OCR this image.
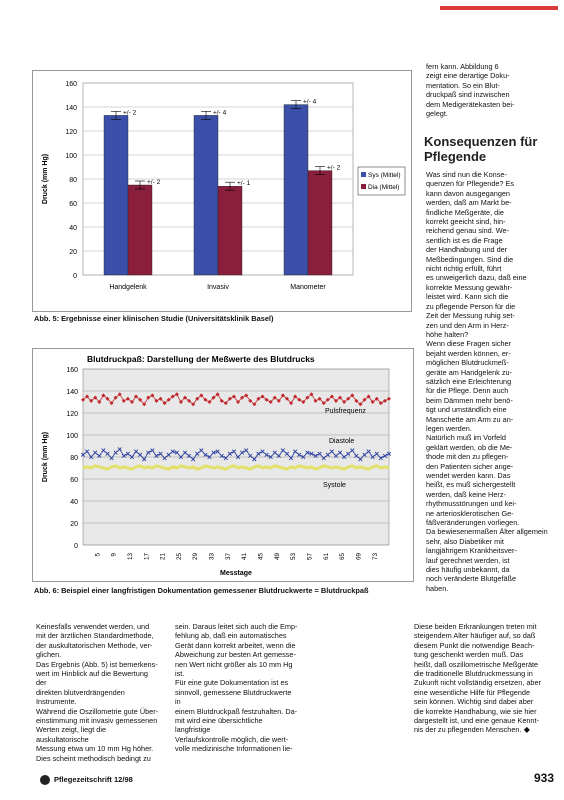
fern kann. Abbildung 6

zeigt eine derartige Doku-

mentation. So ein Blut-

druckpaß sind inzwischen

dem Medigerätekasten bei-

gelegt.

Konsequenzen für Pflegende

Was sind nun die Konse-

quenzen für Pflegende? Es

kann davon ausgegangen

werden, daß am Markt be-

findliche Meßgeräte, die

korrekt geeicht sind, hin-

reichend genau sind. We-

sentlich ist es die Frage

der Handhabung und der

Meßbedingungen. Sind die

nicht richtig erfüllt, führt

es unweigerlich dazu, daß eine

korrekte Messung gewähr-

leistet wird. Kann sich die

zu pflegende Person für die

Zeit der Messung ruhig set-

zen und den Arm in Herz-

höhe halten?

Wenn diese Fragen sicher

bejaht werden können, er-

möglichen Blutdruckmeß-

geräte am Handgelenk zu-

sätzlich eine Erleichterung

für die Pflege. Denn auch

beim Dämmen mehr benö-

tigt und umständlich eine

Manschette am Arm zu an-

legen werden.

Natürlich muß im Vorfeld

geklärt werden, ob die Me-

thode mit den zu pflegen-

den Patienten sicher ange-

wendet werden kann. Das

heißt, es muß sichergestellt

werden, daß keine Herz-

rhythmusstörungen und kei-

ne arteriosklerotischen Ge-

fäßveränderungen vorliegen.

Da bewiesenermaßen Älter allgemein

sehr, also Diabetiker mit

langjährigem Krankheitsver-

lauf gerechnet werden, ist

dies häufig unbekannt, da

noch veränderte Blutgefäße

haben.

0
20
40
60
80
100
120
140
160
Druck (mm Hg)
+/- 2
+/- 2
Handgelenk
+/- 4
+/- 1
Invasiv
+/- 4
+/- 2
Manometer
Sys (Mittel)
Dia (Mittel)
Abb. 5: Ergebnisse einer klinischen Studie (Universitätsklinik Basel)
Blutdruckpaß: Darstellung der Meßwerte des Blutdrucks
0
20
40
60
80
100
120
140
160
5 9 13 17 21 25 29 33 37 41 45 49 53 57 61 65 69 73
Druck (mm Hg)
Messtage
Pulsfrequenz
Diastole
Systole
Abb. 6: Beispiel einer langfristigen Dokumentation gemessener Blutdruckwerte = Blutdruckpaß

Keinesfalls verwendet werden, und

mit der ärztlichen Standardmethode,

der auskultatorischen Methode, ver-

glichen.

Das Ergebnis (Abb. 5) ist bemerkens-

wert im Hinblick auf die Bewertung der

direkten blutverdrängenden Instrumente.

Während die Oszillometrie gute Über-

einstimmung mit invasiv gemessenen

Werten zeigt, liegt die auskultatorische

Messung etwa um 10 mm Hg höher.

Dies scheint methodisch bedingt zu

sein. Daraus leitet sich auch die Emp-

fehlung ab, daß ein automatisches

Gerät dann korrekt arbeitet, wenn die

Abweichung zur besten Art gemesse-

nen Wert nicht größer als 10 mm Hg

ist.

Für eine gute Dokumentation ist es

sinnvoll, gemessene Blutdruckwerte in

einem Blutdruckpaß festzuhalten. Da-

mit wird eine übersichtliche langfristige

Verlaufskontrolle möglich, die wert-

volle medizinische Informationen lie-

Diese beiden Erkrankungen treten mit

steigendem Alter häufiger auf, so daß

diesem Punkt die notwendige Beach-

tung geschenkt werden muß. Das

heißt, daß oszillometrische Meßgeräte

die traditionelle Blutdruckmessung in

Zukunft nicht vollständig ersetzen, aber

eine wesentliche Hilfe für Pflegende

sein können. Wichtig sind dabei aber

die korrekte Handhabung, wie sie hier

dargestellt ist, und eine genaue Kennt-

nis der zu pflegenden Menschen. ◆

Pflegezeitschrift 12/98	933
